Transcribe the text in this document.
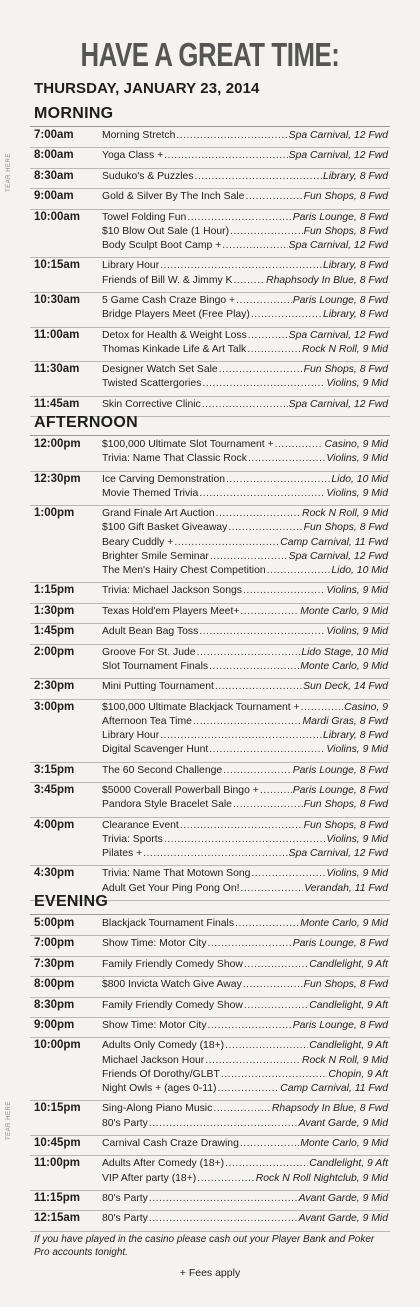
HAVE A GREAT TIME:
THURSDAY, JANUARY 23, 2014
MORNING
7:00am	Morning Stretch .....	Spa Carnival, 12 Fwd
8:00am	Yoga Class + .....	Spa Carnival, 12 Fwd
8:30am	Suduko's & Puzzles .....	Library, 8 Fwd
9:00am	Gold & Silver By The Inch Sale .....	Fun Shops, 8 Fwd
10:00am Towel Folding Fun .....	Paris Lounge, 8 Fwd
$10 Blow Out Sale (1 Hour) .....	Fun Shops, 8 Fwd
Body Sculpt Boot Camp + .....	Spa Carnival, 12 Fwd
10:15am Library Hour .....	Library, 8 Fwd
Friends of Bill W. & Jimmy K .....	Rhaphsody In Blue, 8 Fwd
10:30am 5 Game Cash Craze Bingo + .....	Paris Lounge, 8 Fwd
Bridge Players Meet (Free Play) .....	Library, 8 Fwd
11:00am Detox for Health & Weight Loss .....	Spa Carnival, 12 Fwd
Thomas Kinkade Life & Art Talk .....	Rock N Roll, 9 Mid
11:30am Designer Watch Set Sale .....	Fun Shops, 8 Fwd
Twisted Scattergories .....	Violins, 9 Mid
11:45am Skin Corrective Clinic .....	Spa Carnival, 12 Fwd
AFTERNOON
12:00pm $100,000 Ultimate Slot Tournament + .....	Casino, 9 Mid
Trivia: Name That Classic Rock .....	Violins, 9 Mid
12:30pm Ice Carving Demonstration .....	Lido, 10 Mid
Movie Themed Trivia .....	Violins, 9 Mid
1:00pm	Grand Finale Art Auction .....	Rock N Roll, 9 Mid
$100 Gift Basket Giveaway .....	Fun Shops, 8 Fwd
Beary Cuddly + .....	Camp Carnival, 11 Fwd
Brighter Smile Seminar .....	Spa Carnival, 12 Fwd
The Men's Hairy Chest Competition .....	Lido, 10 Mid
1:15pm	Trivia: Michael Jackson Songs .....	Violins, 9 Mid
1:30pm	Texas Hold'em Players Meet+ .....	Monte Carlo, 9 Mid
1:45pm	Adult Bean Bag Toss .....	Violins, 9 Mid
2:00pm	Groove For St. Jude .....	Lido Stage, 10 Mid
Slot Tournament Finals .....	Monte Carlo, 9 Mid
2:30pm	Mini Putting Tournament .....	Sun Deck, 14 Fwd
3:00pm	$100,000 Ultimate Blackjack Tournament + .....	Casino, 9
Afternoon Tea Time .....	Mardi Gras, 8 Fwd
Library Hour .....	Library, 8 Fwd
Digital Scavenger Hunt .....	Violins, 9 Mid
3:15pm	The 60 Second Challenge .....	Paris Lounge, 8 Fwd
3:45pm	$5000 Coverall Powerball Bingo + .....	Paris Lounge, 8 Fwd
Pandora Style Bracelet Sale .....	Fun Shops, 8 Fwd
4:00pm	Clearance Event .....	Fun Shops, 8 Fwd
Trivia: Sports .....	Violins, 9 Mid
Pilates + .....	Spa Carnival, 12 Fwd
4:30pm	Trivia: Name That Motown Song .....	Violins, 9 Mid
Adult Get Your Ping Pong On! .....	Verandah, 11 Fwd
EVENING
5:00pm	Blackjack Tournament Finals .....	Monte Carlo, 9 Mid
7:00pm	Show Time: Motor City .....	Paris Lounge, 8 Fwd
7:30pm	Family Friendly Comedy Show .....	Candlelight, 9 Aft
8:00pm	$800 Invicta Watch Give Away .....	Fun Shops, 8 Fwd
8:30pm	Family Friendly Comedy Show .....	Candlelight, 9 Aft
9:00pm	Show Time: Motor City .....	Paris Lounge, 8 Fwd
10:00pm Adults Only Comedy (18+) .....	Candlelight, 9 Aft
Michael Jackson Hour .....	Rock N Roll, 9 Mid
Friends Of Dorothy/GLBT .....	Chopin, 9 Aft
Night Owls + (ages 0-11) .....	Camp Carnival, 11 Fwd
10:15pm Sing-Along Piano Music .....	Rhapsody In Blue, 8 Fwd
80's Party .....	Avant Garde, 9 Mid
10:45pm Carnival Cash Craze Drawing .....	Monte Carlo, 9 Mid
11:00pm Adults After Comedy (18+) .....	Candlelight, 9 Aft
VIP After party (18+) .....	Rock N Roll Nightclub, 9 Mid
11:15pm 80's Party .....	Avant Garde, 9 Mid
12:15am 80's Party .....	Avant Garde, 9 Mid
TEAR HERE
TEAR HERE
If you have played in the casino please cash out your Player Bank and Poker Pro accounts tonight.
+ Fees apply
